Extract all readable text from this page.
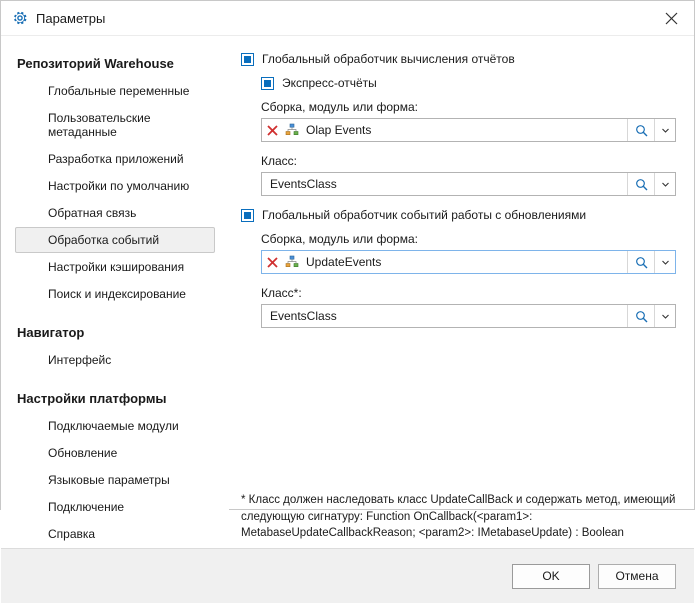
Параметры
Репозиторий Warehouse
Глобальные переменные
Пользовательские метаданные
Разработка приложений
Настройки по умолчанию
Обратная связь
Обработка событий
Настройки кэширования
Поиск и индексирование
Навигатор
Интерфейс
Настройки платформы
Подключаемые модули
Обновление
Языковые параметры
Подключение
Справка
Глобальный обработчик вычисления отчётов
Экспресс-отчёты
Сборка, модуль или форма:
Olap Events
Класс:
EventsClass
Глобальный обработчик событий работы с обновлениями
Сборка, модуль или форма:
UpdateEvents
Класс*:
EventsClass
* Класс должен наследовать класс UpdateCallBack и содержать метод, имеющий следующую сигнатуру: Function OnCallback(<param1>: MetabaseUpdateCallbackReason; <param2>: IMetabaseUpdate) : Boolean
OK	Отмена
